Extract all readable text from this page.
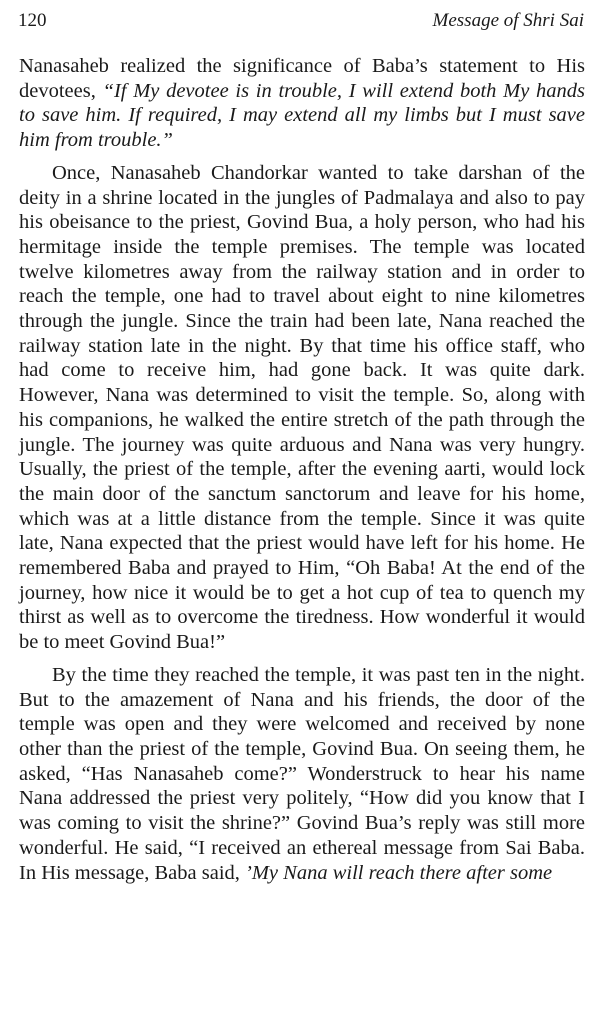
120	Message of Shri Sai

Nanasaheb realized the significance of Baba’s statement to His devotees, “If My devotee is in trouble, I will extend both My hands to save him. If required, I may extend all my limbs but I must save him from trouble.”

Once, Nanasaheb Chandorkar wanted to take darshan of the deity in a shrine located in the jungles of Padmalaya and also to pay his obeisance to the priest, Govind Bua, a holy person, who had his hermitage inside the temple premises. The temple was located twelve kilometres away from the railway station and in order to reach the temple, one had to travel about eight to nine kilometres through the jungle. Since the train had been late, Nana reached the railway station late in the night. By that time his office staff, who had come to receive him, had gone back. It was quite dark. However, Nana was determined to visit the temple. So, along with his companions, he walked the entire stretch of the path through the jungle. The journey was quite arduous and Nana was very hungry. Usually, the priest of the temple, after the evening aarti, would lock the main door of the sanctum sanctorum and leave for his home, which was at a little distance from the temple. Since it was quite late, Nana expected that the priest would have left for his home. He remembered Baba and prayed to Him, “Oh Baba! At the end of the journey, how nice it would be to get a hot cup of tea to quench my thirst as well as to overcome the tiredness. How wonderful it would be to meet Govind Bua!”

By the time they reached the temple, it was past ten in the night. But to the amazement of Nana and his friends, the door of the temple was open and they were welcomed and received by none other than the priest of the temple, Govind Bua. On seeing them, he asked, “Has Nanasaheb come?” Wonderstruck to hear his name Nana addressed the priest very politely, “How did you know that I was coming to visit the shrine?” Govind Bua’s reply was still more wonderful. He said, “I received an ethereal message from Sai Baba. In His message, Baba said, ’My Nana will reach there after some
